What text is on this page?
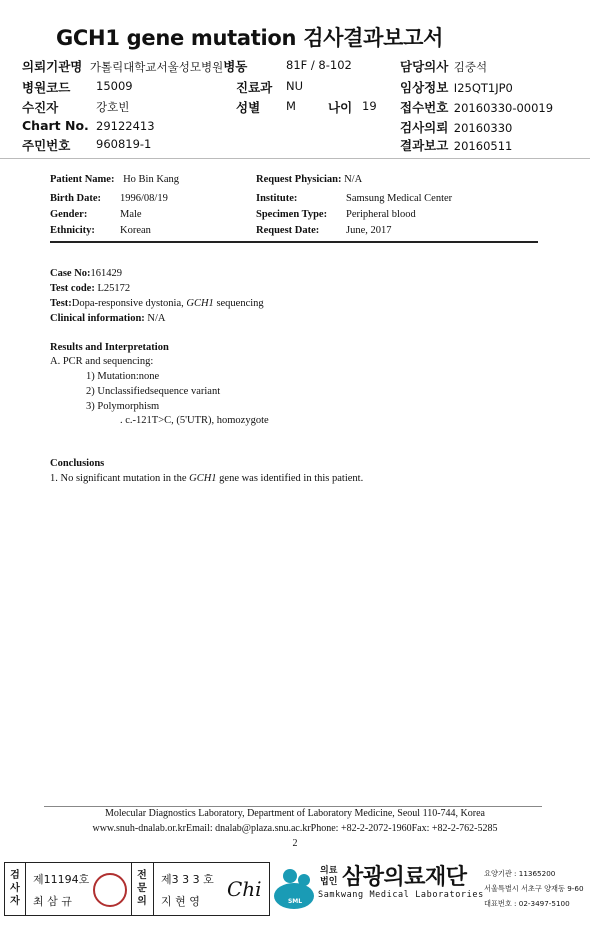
GCH1 gene mutation 검사결과보고서
의뢰기관명 가톨릭대학교서울성모병원병동	81F / 8-102	담당의사 김중석
병원코드 15009	진료과 NU	임상정보 I25QT1JP0
수진자	강호빈	성별 M	나이 19 접수번호 20160330-00019
Chart No. 29122413	검사의뢰 20160330
주민번호 960819-1	결과보고 20160511
Patient Name: Ho Bin Kang	Request Physician: N/A
Birth Date: 1996/08/19	Institute:	Samsung Medical Center
Gender:	Male	Specimen Type: Peripheral blood
Ethnicity: Korean	Request Date:	June, 2017
Case No:161429
Test code: L25172
Test:Dopa-responsive dystonia, GCH1 sequencing
Clinical information: N/A
Results and Interpretation
A. PCR and sequencing:
1) Mutation:none
2) Unclassifiedsequence variant
3) Polymorphism
. c.-121T>C, (5'UTR), homozygote
Conclusions
1. No significant mutation in the GCH1 gene was identified in this patient.
Molecular Diagnostics Laboratory, Department of Laboratory Medicine, Seoul 110-744, Korea
www.snuh-dnalab.or.krEmail: dnalab@plaza.snu.ac.krPhone: +82-2-2072-1960Fax: +82-2-762-5285
2
검사자
제11194호
최 삼 규
전문의
제3 3 3 호
지 현 영
Chi
SML
의료
법인 삼광의료재단
Samkwang Medical Laboratories
요양기관 : 11365200
서울특별시 서초구 양재동 9-60
대표번호 : 02-3497-5100
